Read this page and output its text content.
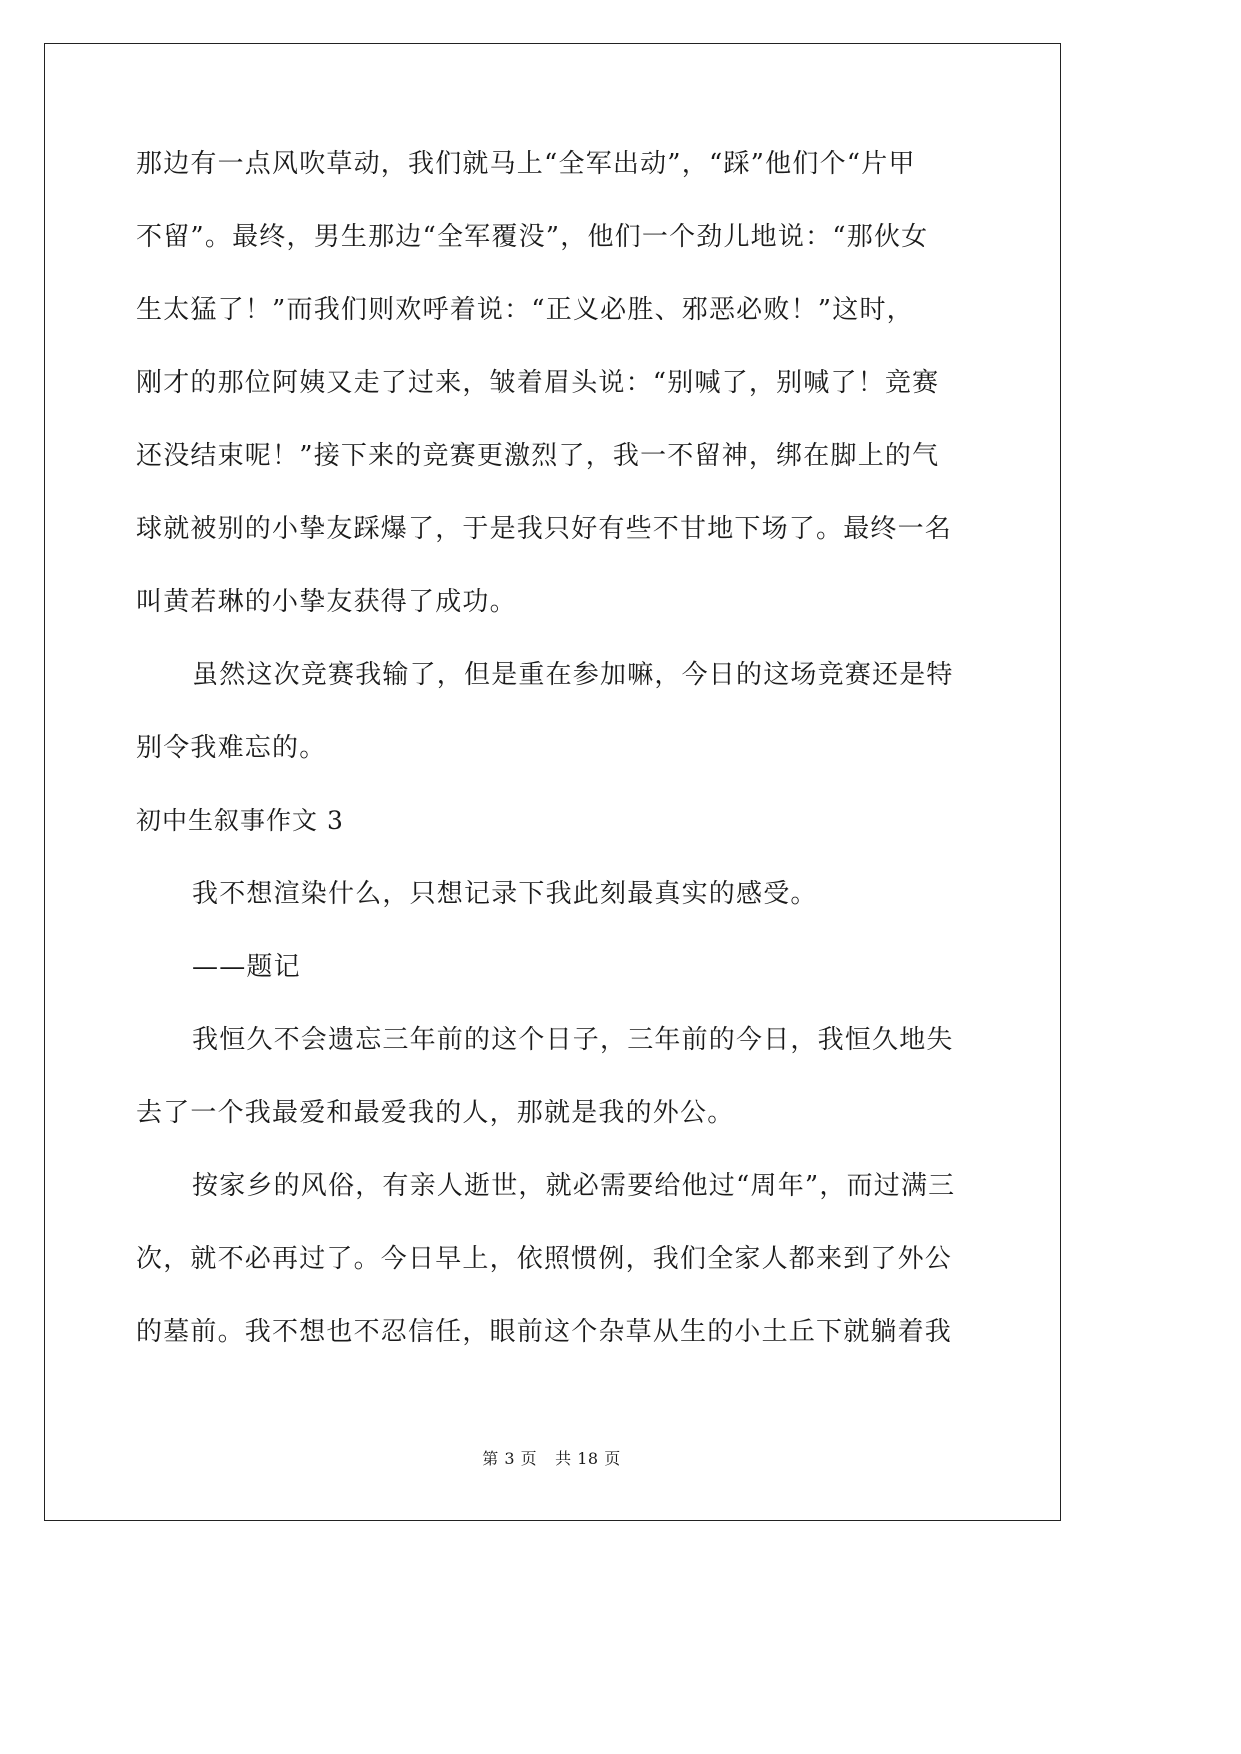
那边有一点风吹草动，我们就马上“全军出动”，“踩”他们个“片甲
不留”。最终，男生那边“全军覆没”，他们一个劲儿地说：“那伙女
生太猛了！”而我们则欢呼着说：“正义必胜、邪恶必败！”这时，
刚才的那位阿姨又走了过来，皱着眉头说：“别喊了，别喊了！竞赛
还没结束呢！”接下来的竞赛更激烈了，我一不留神，绑在脚上的气
球就被别的小挚友踩爆了，于是我只好有些不甘地下场了。最终一名
叫黄若琳的小挚友获得了成功。
虽然这次竞赛我输了，但是重在参加嘛，今日的这场竞赛还是特
别令我难忘的。
初中生叙事作文 3
我不想渲染什么，只想记录下我此刻最真实的感受。
——题记
我恒久不会遗忘三年前的这个日子，三年前的今日，我恒久地失
去了一个我最爱和最爱我的人，那就是我的外公。
按家乡的风俗，有亲人逝世，就必需要给他过“周年”，而过满三
次，就不必再过了。今日早上，依照惯例，我们全家人都来到了外公
的墓前。我不想也不忍信任，眼前这个杂草从生的小土丘下就躺着我
第 3 页 共 18 页
